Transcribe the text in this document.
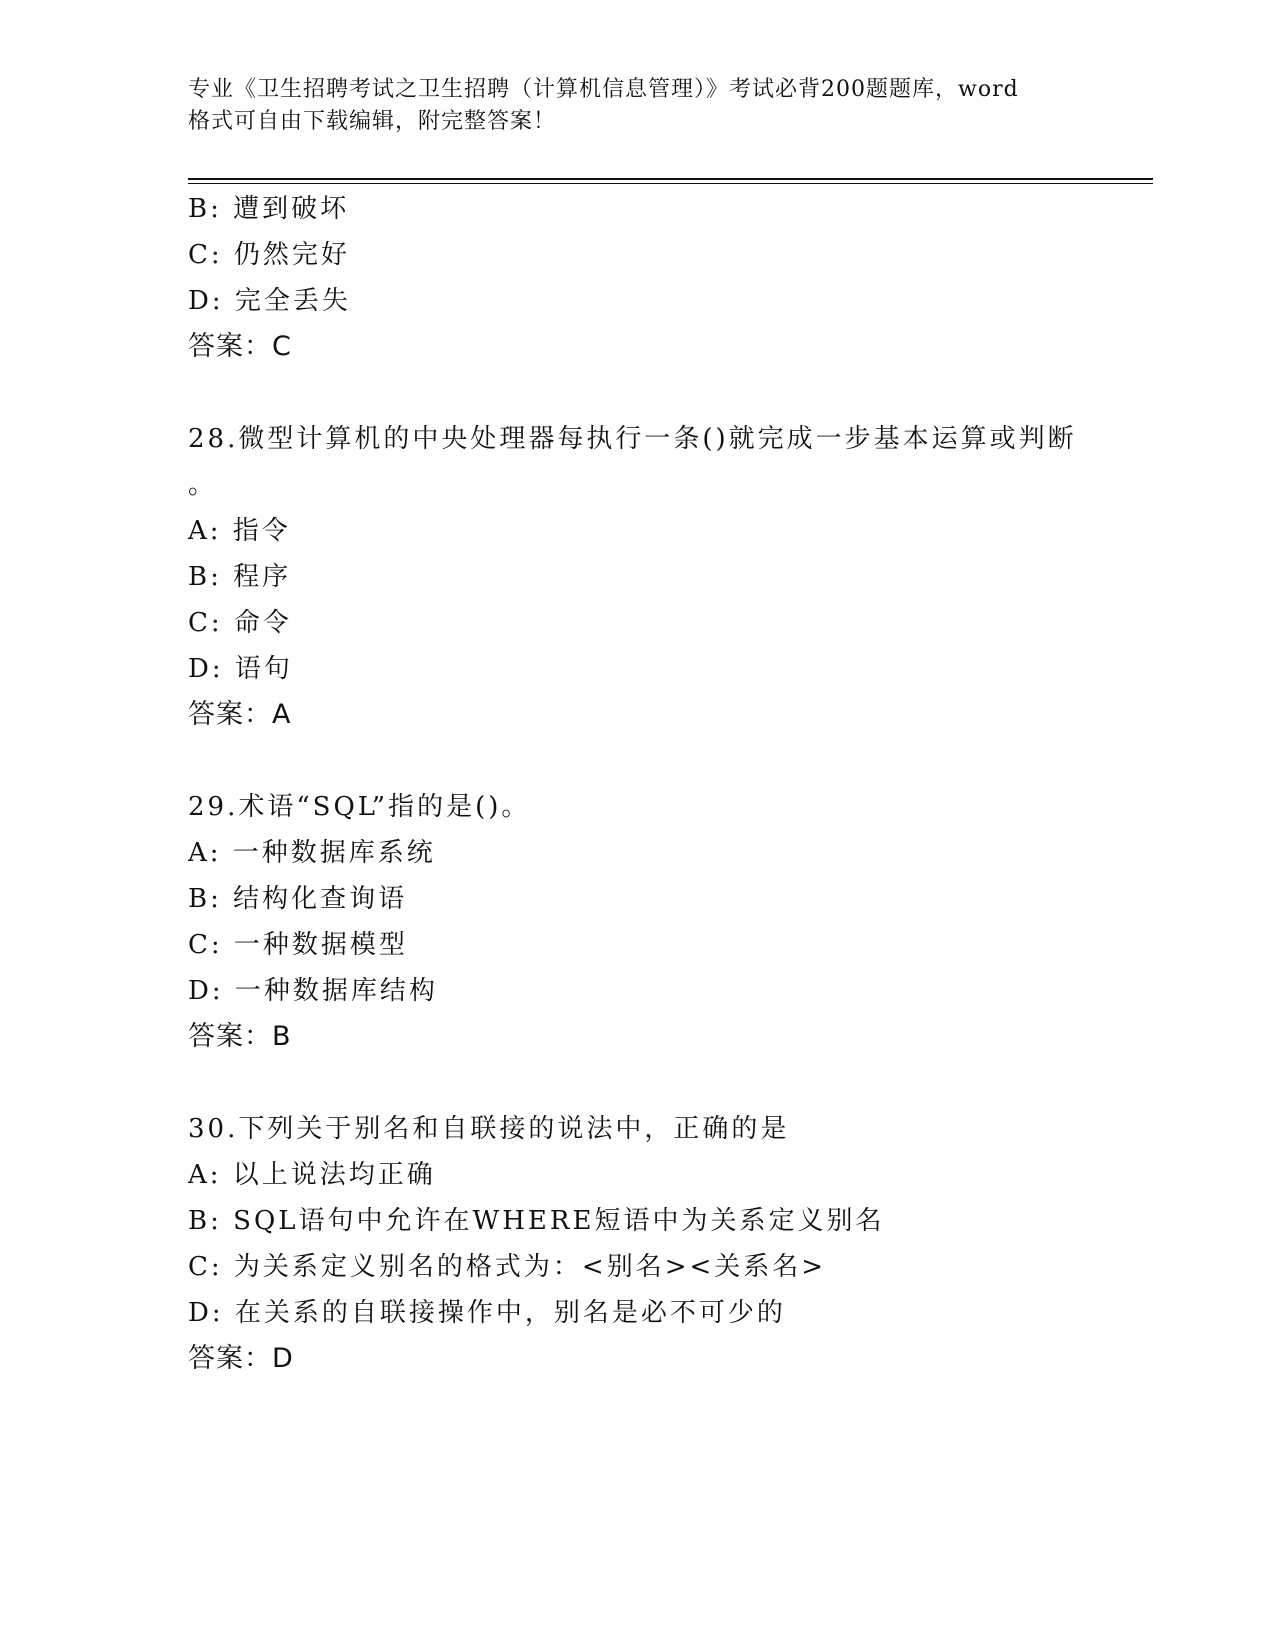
专业《卫生招聘考试之卫生招聘（计算机信息管理）》考试必背200题题库，word
格式可自由下载编辑，附完整答案！
B: 遭到破坏
C: 仍然完好
D: 完全丢失
答案：C
28.微型计算机的中央处理器每执行一条()就完成一步基本运算或判断
。
A: 指令
B: 程序
C: 命令
D: 语句
答案：A
29.术语“SQL”指的是()。
A: 一种数据库系统
B: 结构化查询语
C: 一种数据模型
D: 一种数据库结构
答案：B
30.下列关于别名和自联接的说法中，正确的是
A: 以上说法均正确
B: SQL语句中允许在WHERE短语中为关系定义别名
C: 为关系定义别名的格式为：<别名><关系名>
D: 在关系的自联接操作中，别名是必不可少的
答案：D
